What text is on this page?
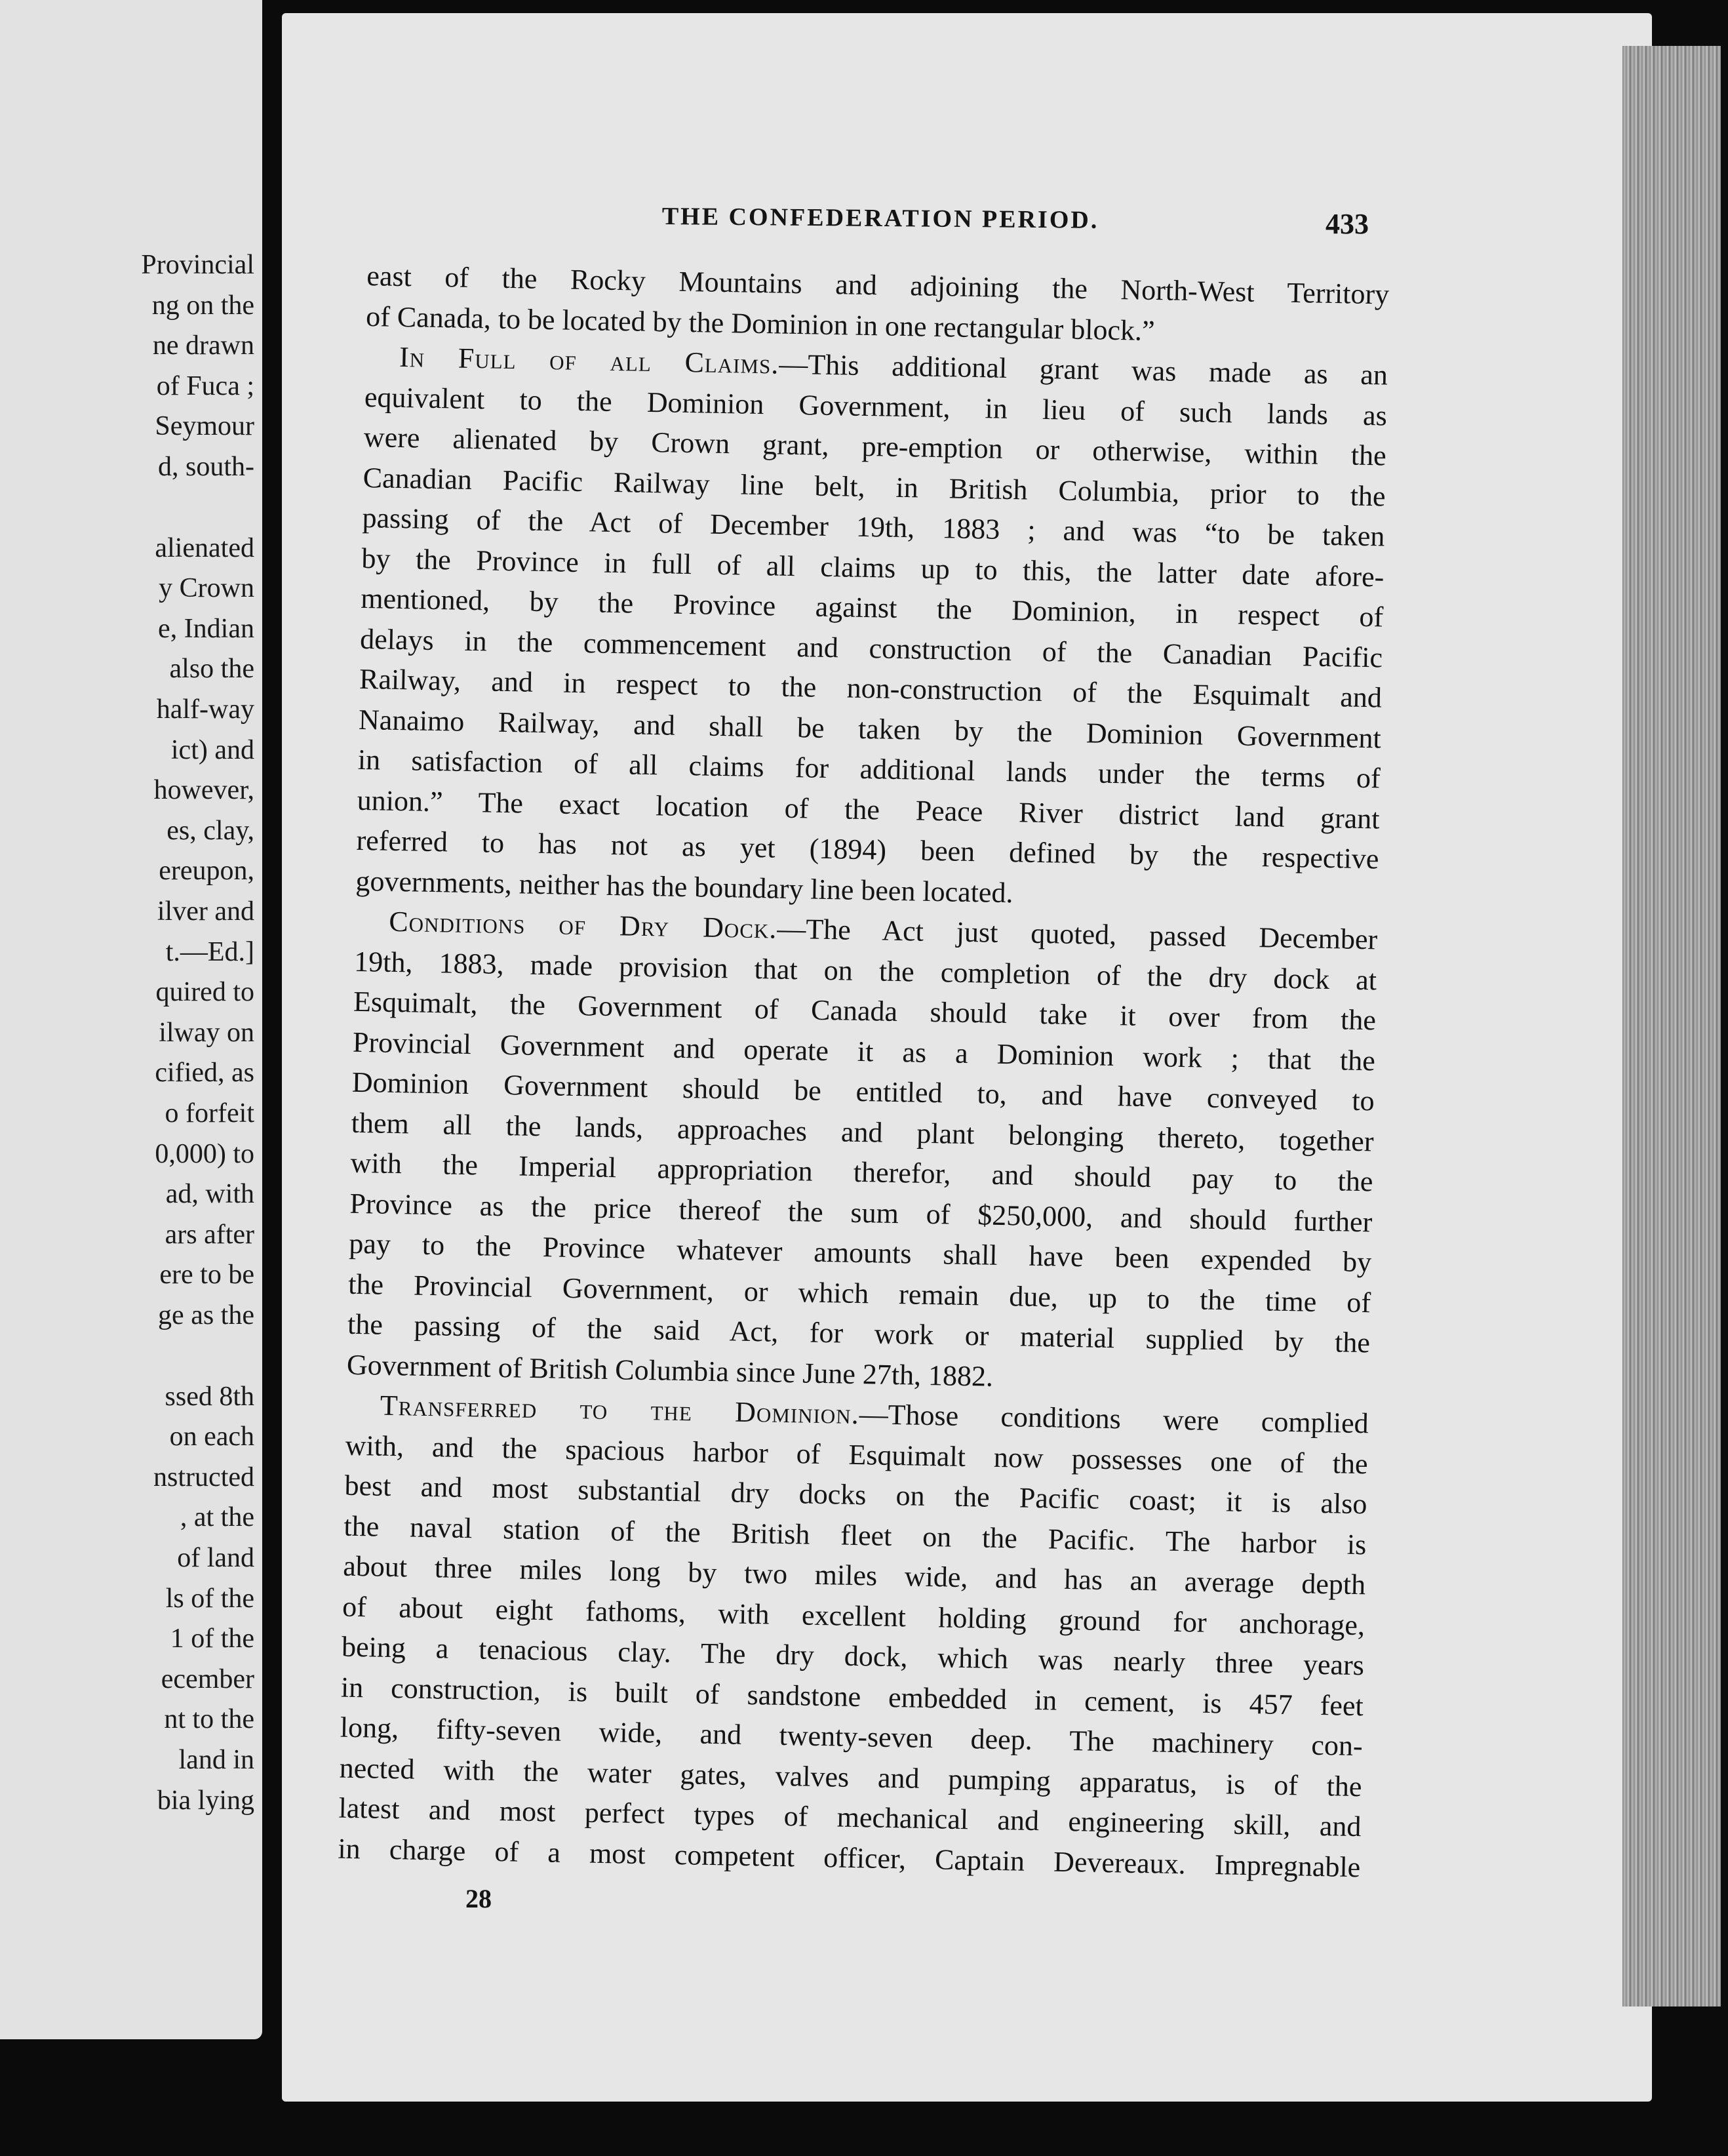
Provincial
ng on the
ne drawn
of Fuca ;
Seymour
d, south-
alienated
y Crown
e, Indian
also the
half-way
ict) and
however,
es, clay,
ereupon,
ilver and
t.—Ed.]
quired to
ilway on
cified, as
o forfeit
0,000) to
ad, with
ars after
ere to be
ge as the
ssed 8th
on each
nstructed
, at the
of land
ls of the
1 of the
ecember
nt to the
land in
bia lying
THE CONFEDERATION PERIOD.	433
east of the Rocky Mountains and adjoining the North-West Territory
of Canada, to be located by the Dominion in one rectangular block.”
In Full of all Claims.—This additional grant was made as an
equivalent to the Dominion Government, in lieu of such lands as
were alienated by Crown grant, pre-emption or otherwise, within the
Canadian Pacific Railway line belt, in British Columbia, prior to the
passing of the Act of December 19th, 1883 ; and was “to be taken
by the Province in full of all claims up to this, the latter date afore-
mentioned, by the Province against the Dominion, in respect of
delays in the commencement and construction of the Canadian Pacific
Railway, and in respect to the non-construction of the Esquimalt and
Nanaimo Railway, and shall be taken by the Dominion Government
in satisfaction of all claims for additional lands under the terms of
union.” The exact location of the Peace River district land grant
referred to has not as yet (1894) been defined by the respective
governments, neither has the boundary line been located.
Conditions of Dry Dock.—The Act just quoted, passed December
19th, 1883, made provision that on the completion of the dry dock at
Esquimalt, the Government of Canada should take it over from the
Provincial Government and operate it as a Dominion work ; that the
Dominion Government should be entitled to, and have conveyed to
them all the lands, approaches and plant belonging thereto, together
with the Imperial appropriation therefor, and should pay to the
Province as the price thereof the sum of $250,000, and should further
pay to the Province whatever amounts shall have been expended by
the Provincial Government, or which remain due, up to the time of
the passing of the said Act, for work or material supplied by the
Government of British Columbia since June 27th, 1882.
Transferred to the Dominion.—Those conditions were complied
with, and the spacious harbor of Esquimalt now possesses one of the
best and most substantial dry docks on the Pacific coast; it is also
the naval station of the British fleet on the Pacific. The harbor is
about three miles long by two miles wide, and has an average depth
of about eight fathoms, with excellent holding ground for anchorage,
being a tenacious clay. The dry dock, which was nearly three years
in construction, is built of sandstone embedded in cement, is 457 feet
long, fifty-seven wide, and twenty-seven deep. The machinery con-
nected with the water gates, valves and pumping apparatus, is of the
latest and most perfect types of mechanical and engineering skill, and
in charge of a most competent officer, Captain Devereaux. Impregnable
28
